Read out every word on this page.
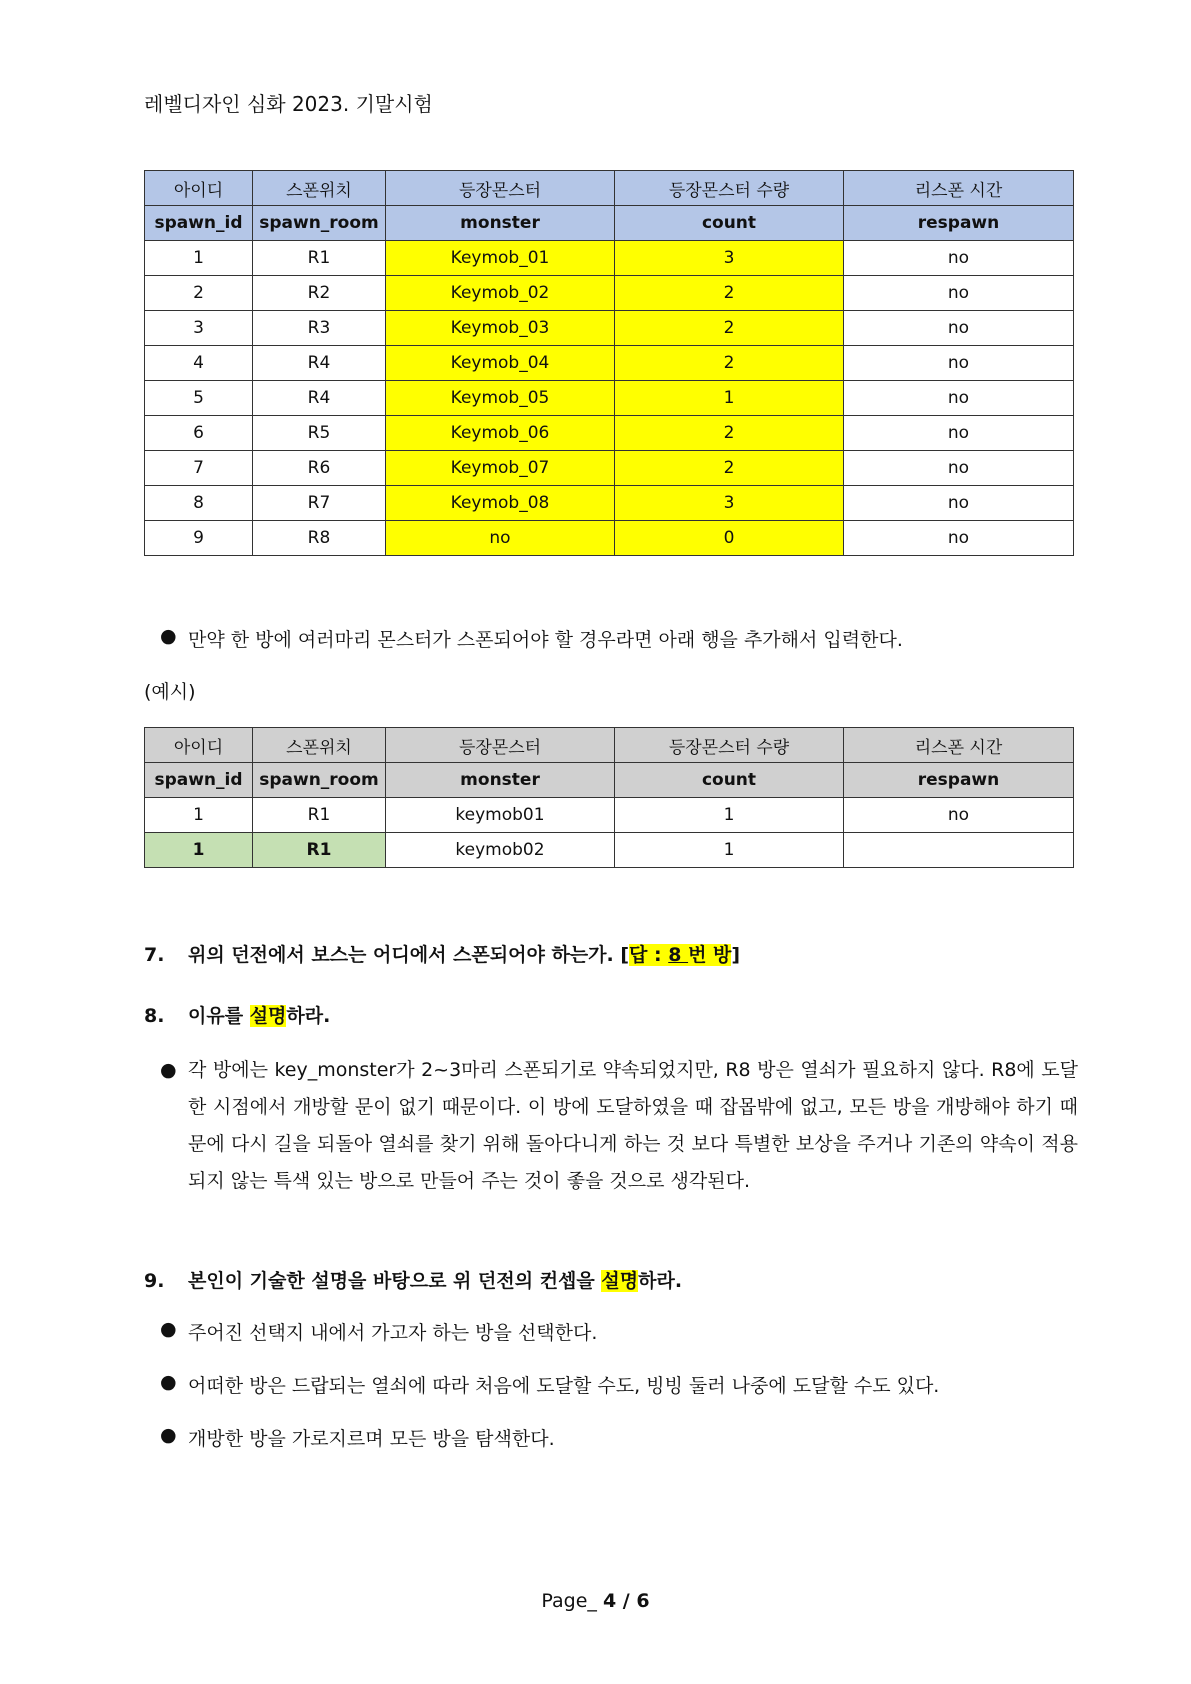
레벨디자인 심화 2023. 기말시험
아이디	스폰위치	등장몬스터	등장몬스터 수량	리스폰 시간
spawn_id	spawn_room	monster	count	respawn
1	R1	Keymob_01	3	no
2	R2	Keymob_02	2	no
3	R3	Keymob_03	2	no
4	R4	Keymob_04	2	no
5	R4	Keymob_05	1	no
6	R5	Keymob_06	2	no
7	R6	Keymob_07	2	no
8	R7	Keymob_08	3	no
9	R8	no	0	no
● 만약 한 방에 여러마리 몬스터가 스폰되어야 할 경우라면 아래 행을 추가해서 입력한다.
(예시)
아이디	스폰위치	등장몬스터	등장몬스터 수량	리스폰 시간
spawn_id	spawn_room	monster	count	respawn
1	R1	keymob01	1	no
1	R1	keymob02	1	
7. 위의 던전에서 보스는 어디에서 스폰되어야 하는가. [답 : 8 번 방]
8. 이유를 설명하라.
● 각 방에는 key_monster가 2~3마리 스폰되기로 약속되었지만, R8 방은 열쇠가 필요하지 않다. R8에 도달한 시점에서 개방할 문이 없기 때문이다. 이 방에 도달하였을 때 잡몹밖에 없고, 모든 방을 개방해야 하기 때문에 다시 길을 되돌아 열쇠를 찾기 위해 돌아다니게 하는 것 보다 특별한 보상을 주거나 기존의 약속이 적용되지 않는 특색 있는 방으로 만들어 주는 것이 좋을 것으로 생각된다.
9. 본인이 기술한 설명을 바탕으로 위 던전의 컨셉을 설명하라.
● 주어진 선택지 내에서 가고자 하는 방을 선택한다.
● 어떠한 방은 드랍되는 열쇠에 따라 처음에 도달할 수도, 빙빙 둘러 나중에 도달할 수도 있다.
● 개방한 방을 가로지르며 모든 방을 탐색한다.
Page_ 4 / 6
